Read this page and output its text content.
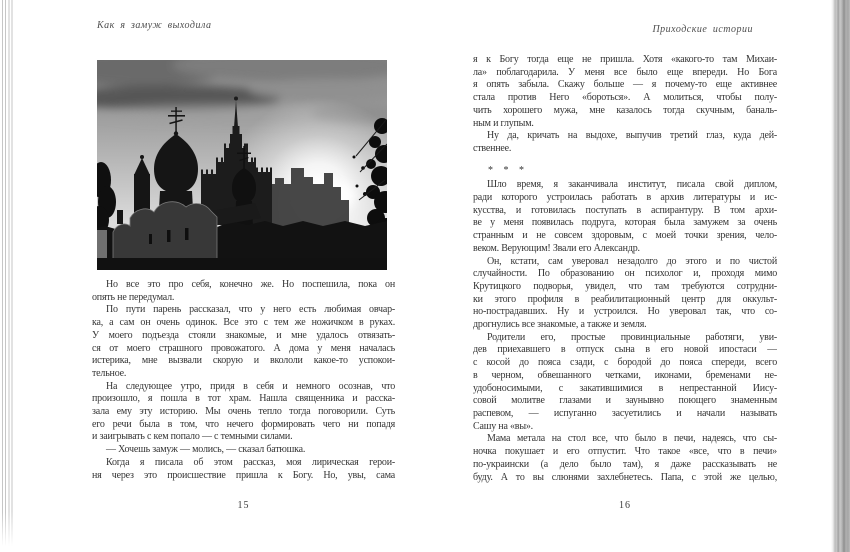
Как я замуж выходила
Но все это про себя, конечно же. Но поспешила, пока он
опять не передумал.
По пути парень рассказал, что у него есть любимая овчар-
ка, а сам он очень одинок. Все это с тем же ножичком в руках.
У моего подъезда стояли знакомые, и мне удалось отвязать-
ся от моего страшного провожатого. А дома у меня началась
истерика, мне вызвали скорую и вкололи какое-то успокои-
тельное.
На следующее утро, придя в себя и немного осознав, что
произошло, я пошла в тот храм. Нашла священника и расска-
зала ему эту историю. Мы очень тепло тогда поговорили. Суть
его речи была в том, что нечего формировать чего ни попадя
и заигрывать с кем попало — с темными силами.
— Хочешь замуж — молись, — сказал батюшка.
Когда я писала об этом рассказ, моя лирическая герои-
ня через это происшествие пришла к Богу. Но, увы, сама
15
Приходские истории
я к Богу тогда еще не пришла. Хотя «какого-то там Михаи-
ла» поблагодарила. У меня все было еще впереди. Но Бога
я опять забыла. Скажу больше — я почему-то еще активнее
стала против Него «бороться». А молиться, чтобы полу-
чить хорошего мужа, мне казалось тогда скучным, баналь-
ным и глупым.
Ну да, кричать на выдохе, выпучив третий глаз, куда дей-
ственнее.
* * *
Шло время, я заканчивала институт, писала свой диплом,
ради которого устроилась работать в архив литературы и ис-
кусства, и готовилась поступать в аспирантуру. В том архи-
ве у меня появилась подруга, которая была замужем за очень
странным и не совсем здоровым, с моей точки зрения, чело-
веком. Верующим! Звали его Александр.
Он, кстати, сам уверовал незадолго до этого и по чистой
случайности. По образованию он психолог и, проходя мимо
Крутицкого подворья, увидел, что там требуются сотрудни-
ки этого профиля в реабилитационный центр для оккульт-
но-пострадавших. Ну и устроился. Но уверовал так, что со-
дрогнулись все знакомые, а также и земля.
Родители его, простые провинциальные работяги, уви-
дев приехавшего в отпуск сына в его новой ипостаси —
с косой до пояса сзади, с бородой до пояса спереди, всего
в черном, обвешанного четками, иконами, бременами не-
удобоносимыми, с закатившимися в непрестанной Иису-
совой молитве глазами и заунывно поющего знаменным
распевом, — испуганно засуетились и начали называть
Сашу на «вы».
Мама метала на стол все, что было в печи, надеясь, что сы-
ночка покушает и его отпустит. Что такое «все, что в печи»
по-украински (а дело было там), я даже рассказывать не
буду. А то вы слюнями захлебнетесь. Папа, с этой же целью,
16
